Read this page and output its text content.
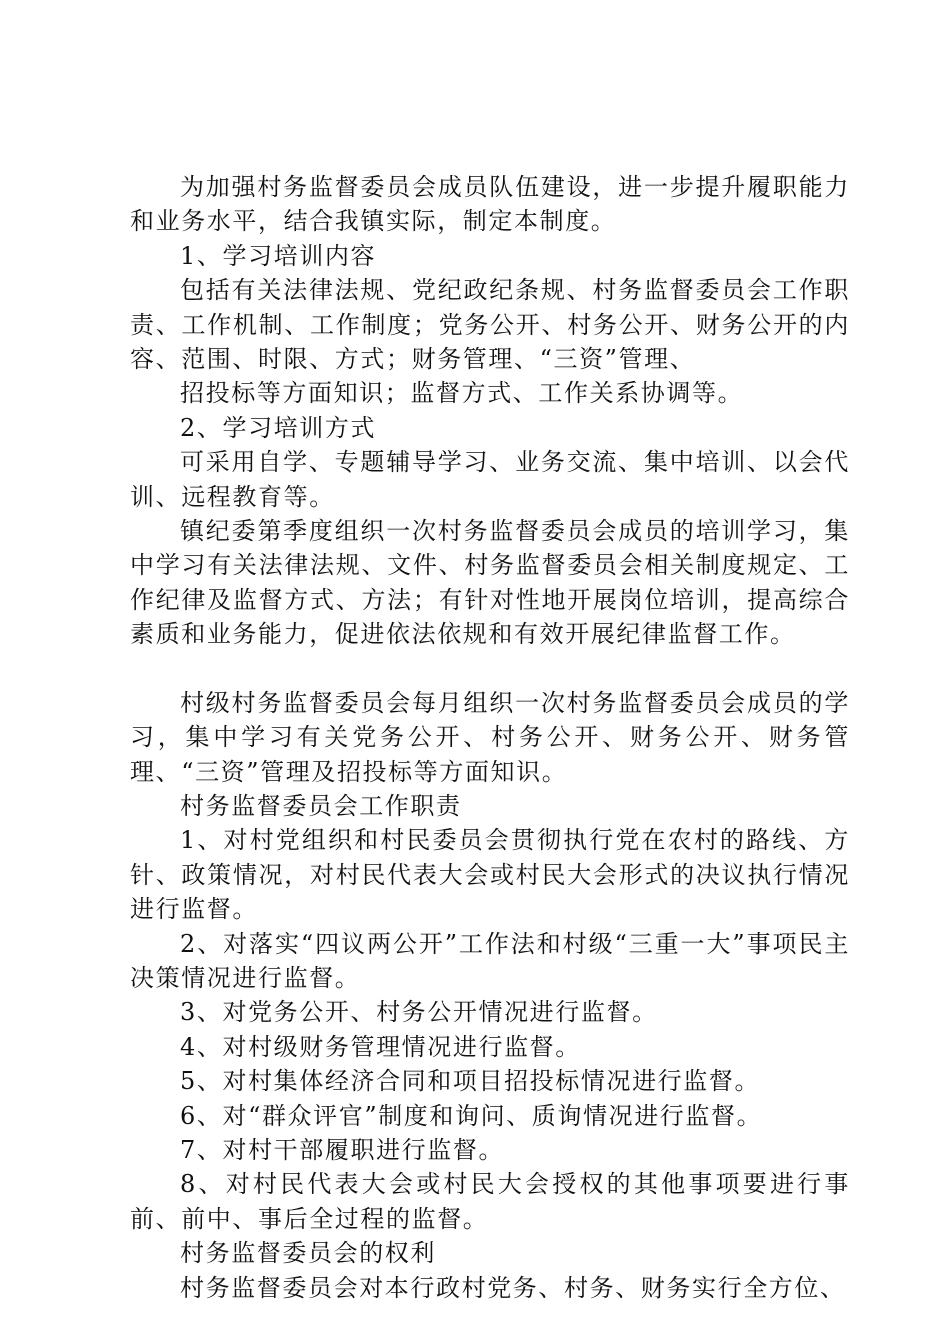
为加强村务监督委员会成员队伍建设，进一步提升履职能力和业务水平，结合我镇实际，制定本制度。

1、学习培训内容

包括有关法律法规、党纪政纪条规、村务监督委员会工作职责、工作机制、工作制度；党务公开、村务公开、财务公开的内容、范围、时限、方式；财务管理、“三资”管理、

招投标等方面知识；监督方式、工作关系协调等。

2、学习培训方式

可采用自学、专题辅导学习、业务交流、集中培训、以会代训、远程教育等。

镇纪委第季度组织一次村务监督委员会成员的培训学习，集中学习有关法律法规、文件、村务监督委员会相关制度规定、工作纪律及监督方式、方法；有针对性地开展岗位培训，提高综合素质和业务能力，促进依法依规和有效开展纪律监督工作。

村级村务监督委员会每月组织一次村务监督委员会成员的学习，集中学习有关党务公开、村务公开、财务公开、财务管理、“三资”管理及招投标等方面知识。

村务监督委员会工作职责

1、对村党组织和村民委员会贯彻执行党在农村的路线、方针、政策情况，对村民代表大会或村民大会形式的决议执行情况进行监督。

2、对落实“四议两公开”工作法和村级“三重一大”事项民主决策情况进行监督。

3、对党务公开、村务公开情况进行监督。

4、对村级财务管理情况进行监督。

5、对村集体经济合同和项目招投标情况进行监督。

6、对“群众评官”制度和询问、质询情况进行监督。

7、对村干部履职进行监督。

8、对村民代表大会或村民大会授权的其他事项要进行事前、前中、事后全过程的监督。

村务监督委员会的权利

村务监督委员会对本行政村党务、村务、财务实行全方位、
